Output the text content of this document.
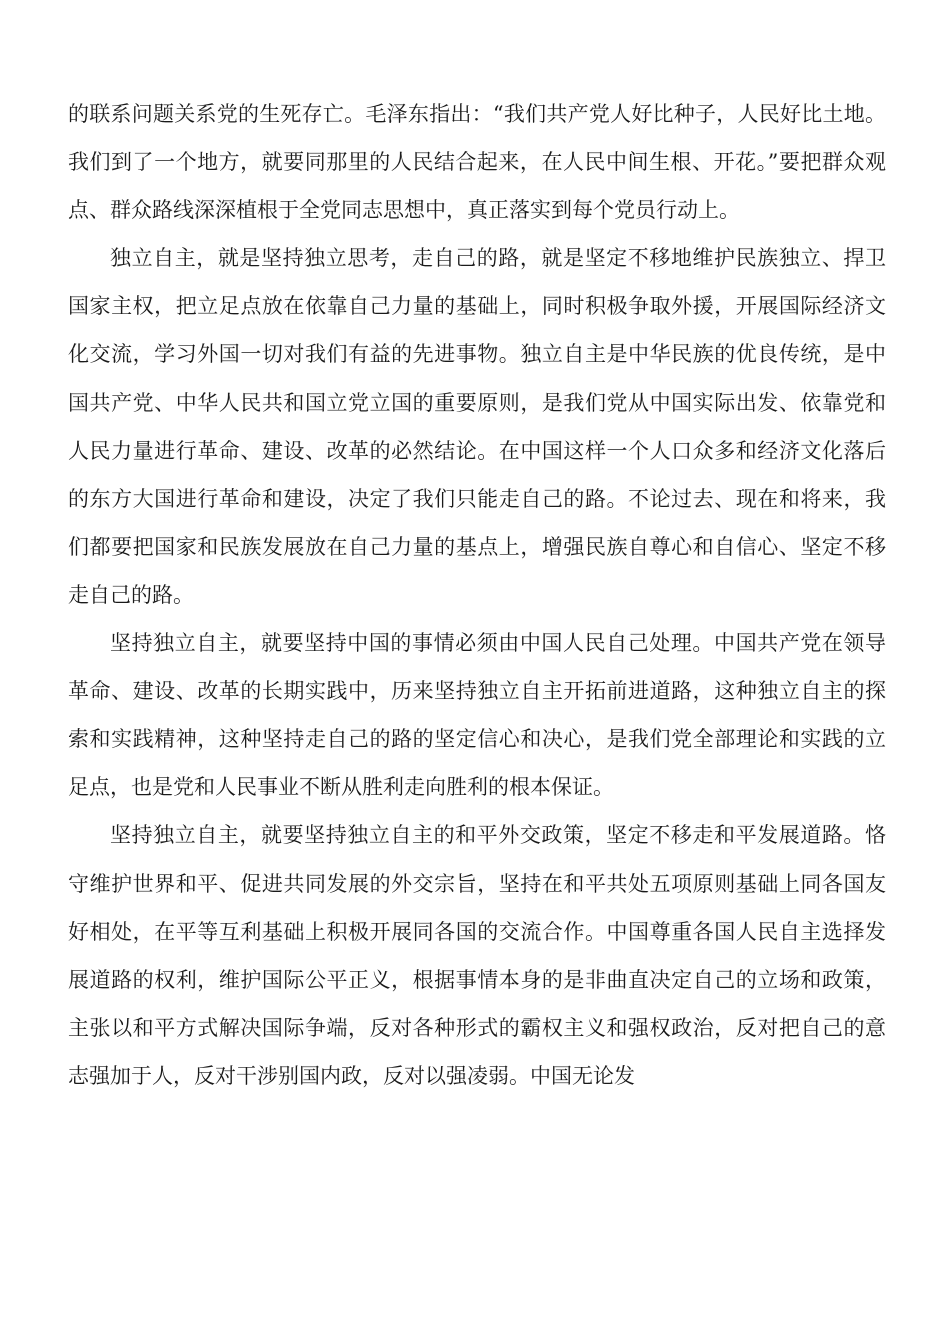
的联系问题关系党的生死存亡。毛泽东指出：“我们共产党人好比种子，人民好比土地。我们到了一个地方，就要同那里的人民结合起来，在人民中间生根、开花。”要把群众观点、群众路线深深植根于全党同志思想中，真正落实到每个党员行动上。

独立自主，就是坚持独立思考，走自己的路，就是坚定不移地维护民族独立、捍卫国家主权，把立足点放在依靠自己力量的基础上，同时积极争取外援，开展国际经济文化交流，学习外国一切对我们有益的先进事物。独立自主是中华民族的优良传统，是中国共产党、中华人民共和国立党立国的重要原则，是我们党从中国实际出发、依靠党和人民力量进行革命、建设、改革的必然结论。在中国这样一个人口众多和经济文化落后的东方大国进行革命和建设，决定了我们只能走自己的路。不论过去、现在和将来，我们都要把国家和民族发展放在自己力量的基点上，增强民族自尊心和自信心、坚定不移走自己的路。

坚持独立自主，就要坚持中国的事情必须由中国人民自己处理。中国共产党在领导革命、建设、改革的长期实践中，历来坚持独立自主开拓前进道路，这种独立自主的探索和实践精神，这种坚持走自己的路的坚定信心和决心，是我们党全部理论和实践的立足点，也是党和人民事业不断从胜利走向胜利的根本保证。

坚持独立自主，就要坚持独立自主的和平外交政策，坚定不移走和平发展道路。恪守维护世界和平、促进共同发展的外交宗旨，坚持在和平共处五项原则基础上同各国友好相处，在平等互利基础上积极开展同各国的交流合作。中国尊重各国人民自主选择发展道路的权利，维护国际公平正义，根据事情本身的是非曲直决定自己的立场和政策，主张以和平方式解决国际争端，反对各种形式的霸权主义和强权政治，反对把自己的意志强加于人，反对干涉别国内政，反对以强凌弱。中国无论发
